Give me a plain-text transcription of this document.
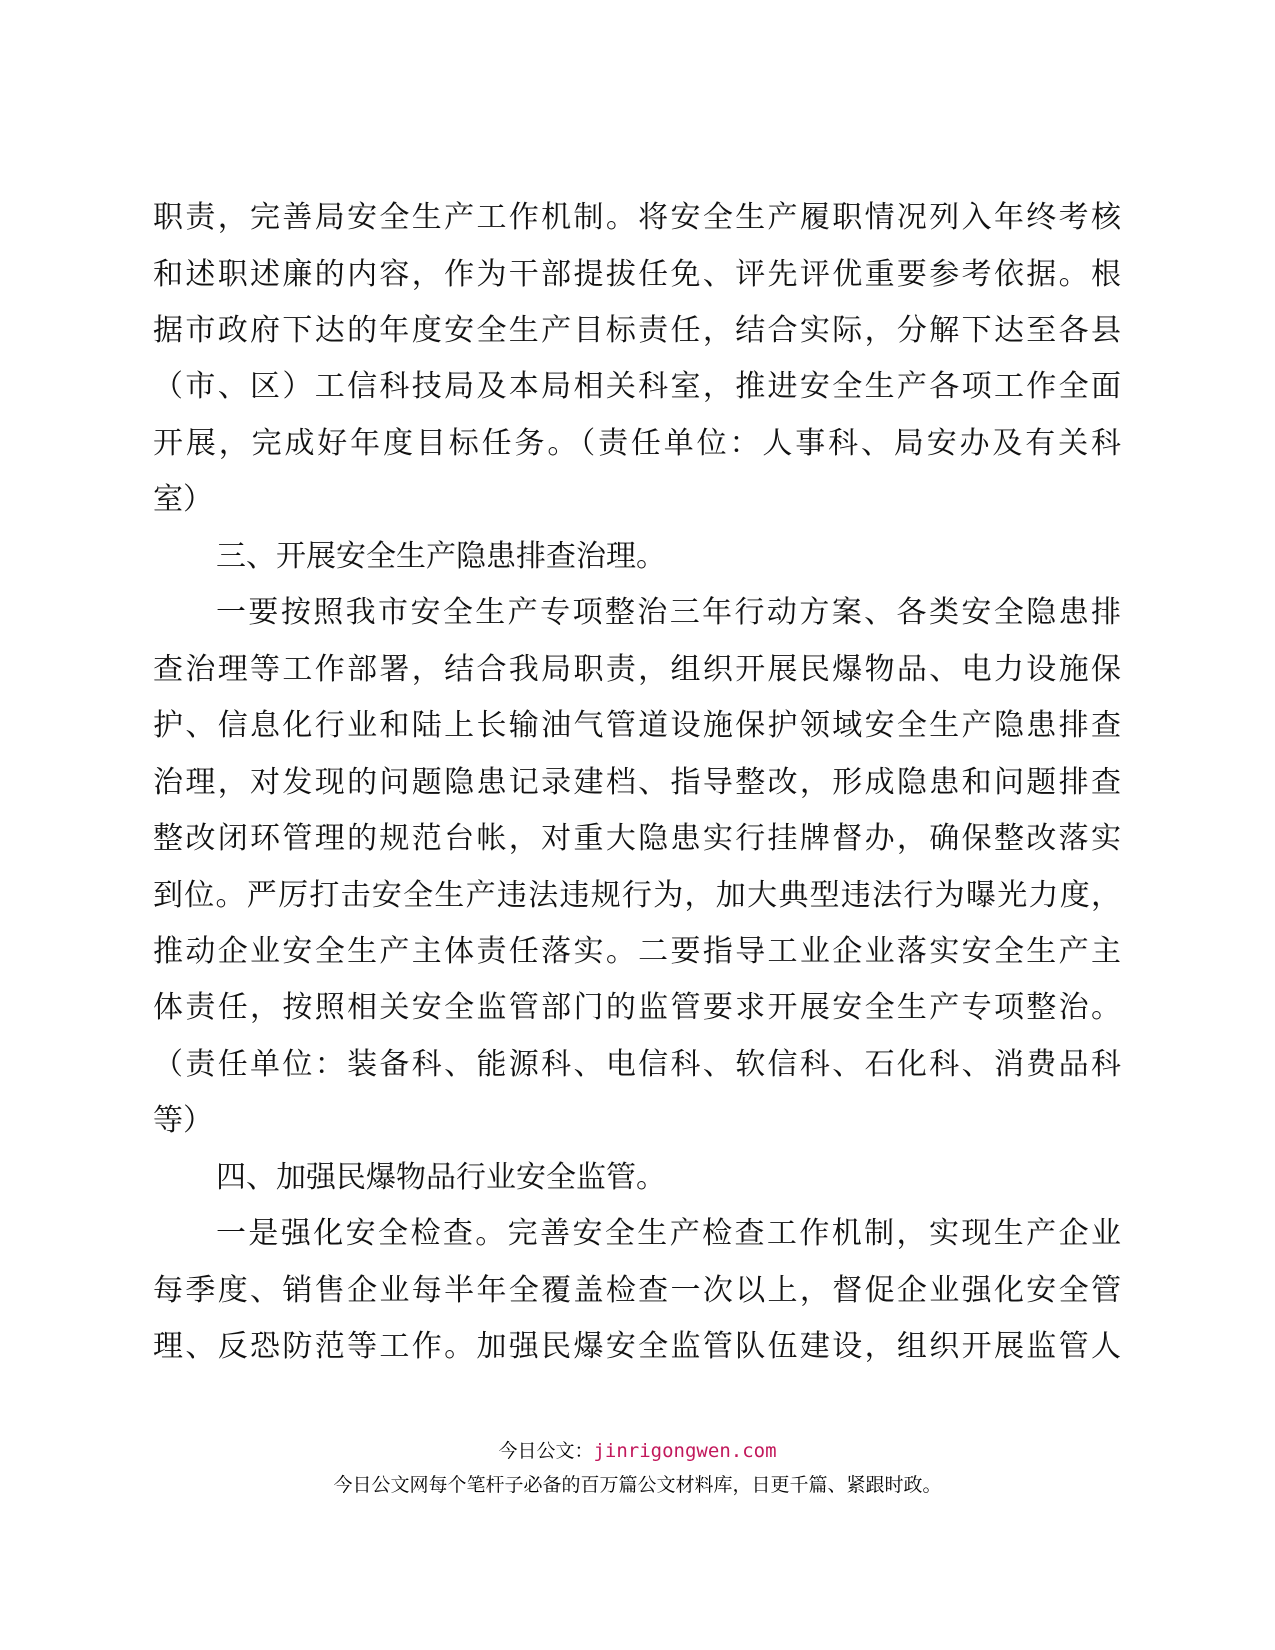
职责，完善局安全生产工作机制。将安全生产履职情况列入年终考核
和述职述廉的内容，作为干部提拔任免、评先评优重要参考依据。根
据市政府下达的年度安全生产目标责任，结合实际，分解下达至各县
（市、区）工信科技局及本局相关科室，推进安全生产各项工作全面
开展，完成好年度目标任务。（责任单位：人事科、局安办及有关科
室）
三、开展安全生产隐患排查治理。
一要按照我市安全生产专项整治三年行动方案、各类安全隐患排
查治理等工作部署，结合我局职责，组织开展民爆物品、电力设施保
护、信息化行业和陆上长输油气管道设施保护领域安全生产隐患排查
治理，对发现的问题隐患记录建档、指导整改，形成隐患和问题排查
整改闭环管理的规范台帐，对重大隐患实行挂牌督办，确保整改落实
到位。严厉打击安全生产违法违规行为，加大典型违法行为曝光力度，
推动企业安全生产主体责任落实。二要指导工业企业落实安全生产主
体责任，按照相关安全监管部门的监管要求开展安全生产专项整治。
（责任单位：装备科、能源科、电信科、软信科、石化科、消费品科
等）
四、加强民爆物品行业安全监管。
一是强化安全检查。完善安全生产检查工作机制，实现生产企业
每季度、销售企业每半年全覆盖检查一次以上，督促企业强化安全管
理、反恐防范等工作。加强民爆安全监管队伍建设，组织开展监管人
今日公文：jinrigongwen.com
今日公文网每个笔杆子必备的百万篇公文材料库，日更千篇、紧跟时政。
